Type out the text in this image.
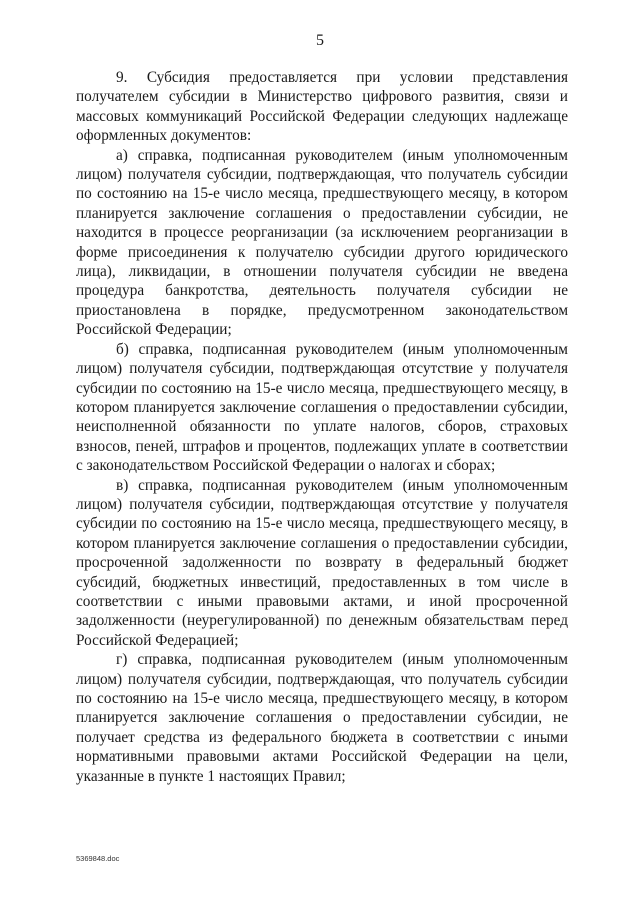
5

9. Субсидия предоставляется при условии представления получателем субсидии в Министерство цифрового развития, связи и массовых коммуникаций Российской Федерации следующих надлежаще оформленных документов:

а) справка, подписанная руководителем (иным уполномоченным лицом) получателя субсидии, подтверждающая, что получатель субсидии по состоянию на 15-е число месяца, предшествующего месяцу, в котором планируется заключение соглашения о предоставлении субсидии, не находится в процессе реорганизации (за исключением реорганизации в форме присоединения к получателю субсидии другого юридического лица), ликвидации, в отношении получателя субсидии не введена процедура банкротства, деятельность получателя субсидии не приостановлена в порядке, предусмотренном законодательством Российской Федерации;

б) справка, подписанная руководителем (иным уполномоченным лицом) получателя субсидии, подтверждающая отсутствие у получателя субсидии по состоянию на 15-е число месяца, предшествующего месяцу, в котором планируется заключение соглашения о предоставлении субсидии, неисполненной обязанности по уплате налогов, сборов, страховых взносов, пеней, штрафов и процентов, подлежащих уплате в соответствии с законодательством Российской Федерации о налогах и сборах;

в) справка, подписанная руководителем (иным уполномоченным лицом) получателя субсидии, подтверждающая отсутствие у получателя субсидии по состоянию на 15-е число месяца, предшествующего месяцу, в котором планируется заключение соглашения о предоставлении субсидии, просроченной задолженности по возврату в федеральный бюджет субсидий, бюджетных инвестиций, предоставленных в том числе в соответствии с иными правовыми актами, и иной просроченной задолженности (неурегулированной) по денежным обязательствам перед Российской Федерацией;

г) справка, подписанная руководителем (иным уполномоченным лицом) получателя субсидии, подтверждающая, что получатель субсидии по состоянию на 15-е число месяца, предшествующего месяцу, в котором планируется заключение соглашения о предоставлении субсидии, не получает средства из федерального бюджета в соответствии с иными нормативными правовыми актами Российской Федерации на цели, указанные в пункте 1 настоящих Правил;

5369848.doc
